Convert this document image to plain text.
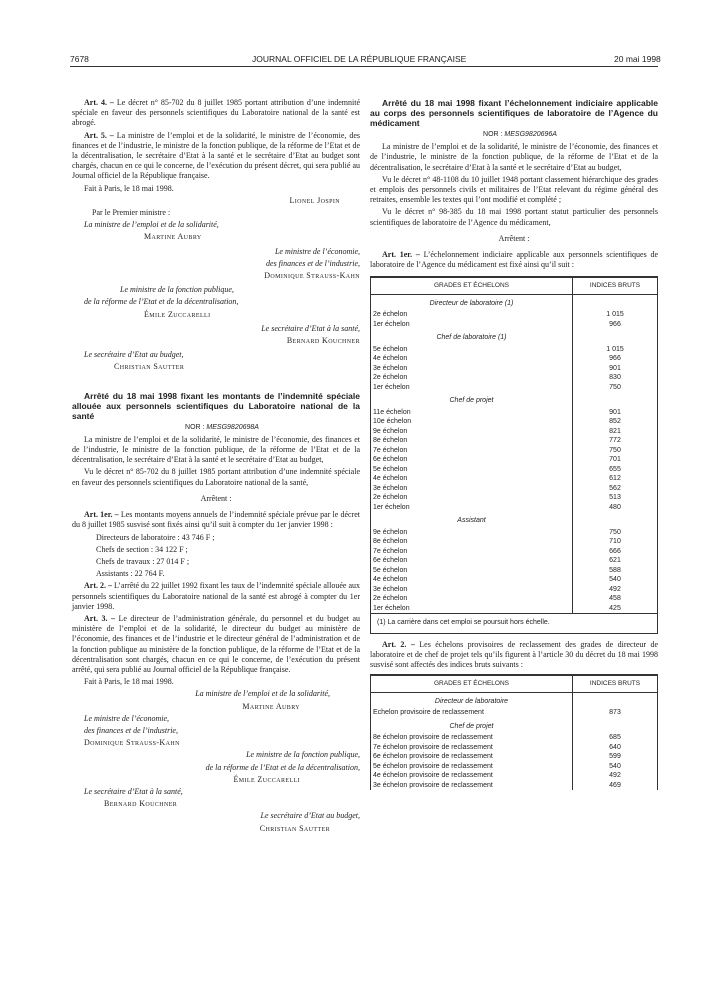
7678	JOURNAL OFFICIEL DE LA RÉPUBLIQUE FRANÇAISE	20 mai 1998

Art. 4. – Le décret n° 85-702 du 8 juillet 1985 portant attribution d’une indemnité spéciale en faveur des personnels scientifiques du Laboratoire national de la santé est abrogé.

Art. 5. – La ministre de l’emploi et de la solidarité, le ministre de l’économie, des finances et de l’industrie, le ministre de la fonction publique, de la réforme de l’Etat et de la décentralisation, le secrétaire d’Etat à la santé et le secrétaire d’Etat au budget sont chargés, chacun en ce qui le concerne, de l’exécution du présent décret, qui sera publié au Journal officiel de la République française.

Fait à Paris, le 18 mai 1998.

Lionel Jospin

Par le Premier ministre :

La ministre de l’emploi et de la solidarité,

Martine Aubry

Le ministre de l’économie,

des finances et de l’industrie,

Dominique Strauss-Kahn

Le ministre de la fonction publique,

de la réforme de l’Etat et de la décentralisation,

Émile Zuccarelli

Le secrétaire d’Etat à la santé,

Bernard Kouchner

Le secrétaire d’Etat au budget,

Christian Sautter

Arrêté du 18 mai 1998 fixant les montants de l’indemnité spéciale allouée aux personnels scientifiques du Laboratoire national de la santé

NOR : MESG9820698A

La ministre de l’emploi et de la solidarité, le ministre de l’économie, des finances et de l’industrie, le ministre de la fonction publique, de la réforme de l’Etat et de la décentralisation, le secrétaire d’Etat à la santé et le secrétaire d’Etat au budget,

Vu le décret n° 85-702 du 8 juillet 1985 portant attribution d’une indemnité spéciale en faveur des personnels scientifiques du Laboratoire national de la santé,

Arrêtent :

Art. 1er. – Les montants moyens annuels de l’indemnité spéciale prévue par le décret du 8 juillet 1985 susvisé sont fixés ainsi qu’il suit à compter du 1er janvier 1998 :

Directeurs de laboratoire : 43 746 F ;

Chefs de section : 34 122 F ;

Chefs de travaux : 27 014 F ;

Assistants : 22 764 F.

Art. 2. – L’arrêté du 22 juillet 1992 fixant les taux de l’indemnité spéciale allouée aux personnels scientifiques du Laboratoire national de la santé est abrogé à compter du 1er janvier 1998.

Art. 3. – Le directeur de l’administration générale, du personnel et du budget au ministère de l’emploi et de la solidarité, le directeur du budget au ministère de l’économie, des finances et de l’industrie et le directeur général de l’administration et de la fonction publique au ministère de la fonction publique, de la réforme de l’Etat et de la décentralisation sont chargés, chacun en ce qui le concerne, de l’exécution du présent arrêté, qui sera publié au Journal officiel de la République française.

Fait à Paris, le 18 mai 1998.

La ministre de l’emploi et de la solidarité,

Martine Aubry

Le ministre de l’économie,

des finances et de l’industrie,

Dominique Strauss-Kahn

Le ministre de la fonction publique,

de la réforme de l’Etat et de la décentralisation,

Émile Zuccarelli

Le secrétaire d’Etat à la santé,

Bernard Kouchner

Le secrétaire d’Etat au budget,

Christian Sautter

Arrêté du 18 mai 1998 fixant l’échelonnement indiciaire applicable au corps des personnels scientifiques de laboratoire de l’Agence du médicament

NOR : MESG9820696A

La ministre de l’emploi et de la solidarité, le ministre de l’économie, des finances et de l’industrie, le ministre de la fonction publique, de la réforme de l’Etat et de la décentralisation, le secrétaire d’Etat à la santé et le secrétaire d’Etat au budget,

Vu le décret n° 48-1108 du 10 juillet 1948 portant classement hiérarchique des grades et emplois des personnels civils et militaires de l’Etat relevant du régime général des retraites, ensemble les textes qui l’ont modifié et complété ;

Vu le décret n° 98-385 du 18 mai 1998 portant statut particulier des personnels scientifiques de laboratoire de l’Agence du médicament,

Arrêtent :

Art. 1er. – L’échelonnement indiciaire applicable aux personnels scientifiques de laboratoire de l’Agence du médicament est fixé ainsi qu’il suit :

GRADES ET ÉCHELONS	INDICES BRUTS
Directeur de laboratoire (1)	
2e échelon	1 015
1er échelon	966
Chef de laboratoire (1)	
5e échelon	1 015
4e échelon	966
3e échelon	901
2e échelon	830
1er échelon	750
Chef de projet	
11e échelon	901
10e échelon	852
9e échelon	821
8e échelon	772
7e échelon	750
6e échelon	701
5e échelon	655
4e échelon	612
3e échelon	562
2e échelon	513
1er échelon	480
Assistant	
9e échelon	750
8e échelon	710
7e échelon	666
6e échelon	621
5e échelon	588
4e échelon	540
3e échelon	492
2e échelon	458
1er échelon	425
(1) La carrière dans cet emploi se poursuit hors échelle.

Art. 2. – Les échelons provisoires de reclassement des grades de directeur de laboratoire et de chef de projet tels qu’ils figurent à l’article 30 du décret du 18 mai 1998 susvisé sont affectés des indices bruts suivants :

GRADES ET ÉCHELONS	INDICES BRUTS
Directeur de laboratoire	
Echelon provisoire de reclassement	873
Chef de projet	
8e échelon provisoire de reclassement	685
7e échelon provisoire de reclassement	640
6e échelon provisoire de reclassement	599
5e échelon provisoire de reclassement	540
4e échelon provisoire de reclassement	492
3e échelon provisoire de reclassement	469
